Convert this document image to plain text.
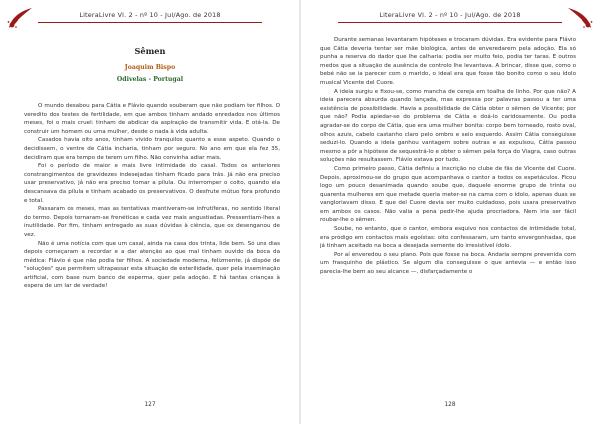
LiteraLivre Vl. 2 - nº 10 - Jul/Ago. de 2018
Sêmen
Joaquim Bispo
Odivelas - Portugal

O mundo desabou para Cátia e Flávio quando souberam que não podiam ter filhos. O veredito dos testes de fertilidade, em que ambos tinham andado enredados nos últimos meses, foi o mais cruel: tinham de abdicar da aspiração de transmitir vida. E otá-la. De construir um homem ou uma mulher, desde o nada à vida adulta.

Casados havia oito anos, tinham vivido tranquilos quanto a esse aspeto. Quando o decidissem, o ventre de Cátia incharia, tinham por seguro. No ano em que ela fez 35, decidiram que era tempo de terem um filho. Não convinha adiar mais.

Foi o período de maior e mais livre intimidade do casal. Todos os anteriores constrangimentos de gravidezes indesejadas tinham ficado para trás. Já não era preciso usar preservativo, já não era preciso tomar a pílula. Ou interromper o coito, quando ela descansava da pílula e tinham acabado os preservativos. O desfrute mútuo fora profundo e total.

Passaram os meses, mas as tentativas mantiveram-se infrutíferas, no sentido literal do termo. Depois tornaram-se frenéticas e cada vez mais angustiadas. Pressentiam-lhes a inutilidade. Por fim, tinham entregado as suas dúvidas à ciência, que os desenganou de vez.

Não é uma notícia com que um casal, ainda na casa dos trinta, lide bem. Só uns dias depois começaram a recordar e a dar atenção ao que mal tinham ouvido da boca da médica: Flávio é que não podia ter filhos. A sociedade moderna, felizmente, já dispõe de "soluções" que permitem ultrapassar esta situação de esterilidade, quer pela inseminação artificial, com base num banco de esperma, quer pela adoção. E há tantas crianças à espera de um lar de verdade!

127
LiteraLivre Vl. 2 - nº 10 - Jul/Ago. de 2018

Durante semanas levantaram hipóteses e trocaram dúvidas. Era evidente para Flávio que Cátia deveria tentar ser mãe biológica, antes de enveredarem pela adoção. Ela só punha a reserva do dador que lhe calharia: podia ser muito feio, podia ter taras. E outros medos que a situação de ausência de controlo lhe levantava. A brincar, disse que, como o bebé não se ia parecer com o marido, o ideal era que fosse tão bonito como o seu ídolo musical Vicente del Cuore.

A ideia surgiu e fixou-se, como mancha de cereja em toalha de linho. Por que não? A ideia parecera absurda quando lançada, mas expressa por palavras passou a ter uma existência de possibilidade. Havia a possibilidade de Cátia obter o sêmen de Vicente; por que não? Podia apiedar-se do problema de Cátia e doá-lo caridosamente. Ou podia agradar-se do corpo de Cátia, que era uma mulher bonita: corpo bem torneado, rosto oval, olhos azuis, cabelo castanho claro pelo ombro e seio esquerdo. Assim Cátia conseguisse seduzi-lo. Quando a ideia ganhou vantagem sobre outras e as expulsou, Cátia passou mesmo a pôr a hipótese de sequestrá-lo e obter o sêmen pela força do Viagra, caso outras soluções não resultassem. Flávio estava por tudo.

Como primeiro passo, Cátia definiu a inscrição no clube de fãs de Vicente del Cuore. Depois, aproximou-se do grupo que acompanhava o cantor a todos os espetáculos. Ficou logo um pouco desanimada quando soube que, daquele enorme grupo de trinta ou quarenta mulheres em que metade queria meter-se na cama com o ídolo, apenas duas se vangloriavam disso. E que del Cuore devia ser muito cuidadoso, pois usara preservativo em ambos os casos. Não valia a pena pedir-lhe ajuda procriadora. Nem iria ser fácil roubar-lhe o sêmen.

Soube, no entanto, que o cantor, embora esquivo nos contactos de intimidade total, era pródigo em contactos mais egoístas: oito confessaram, um tanto envergonhadas, que já tinham aceitado na boca a desejada semente do irresistível ídolo.

Por aí enveredou o seu plano. Pois que fosse na boca. Andaria sempre prevenida com um frasquinho de plástico. Se algum dia conseguisse o que anteviа — e então isso parecia-lhe bem ao seu alcance —, disfarçadamente o

128
